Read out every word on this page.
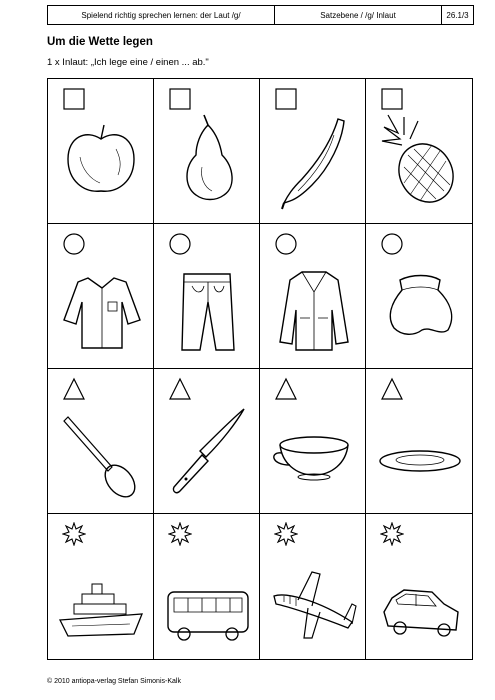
Spielend richtig sprechen lernen: der Laut /g/	Satzebene / /g/ Inlaut	26.1/3
Um die Wette legen
1 x Inlaut: „Ich lege eine / einen ... ab."
© 2010 antiopa-verlag Stefan Simonis-Kalk
